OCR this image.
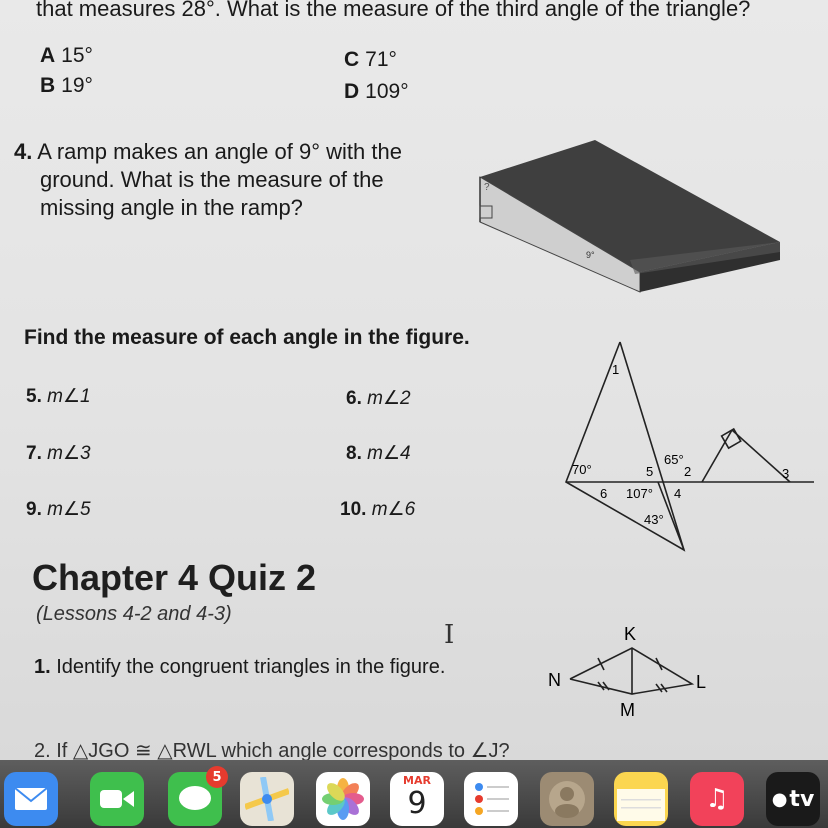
that measures 28°. What is the measure of the third angle of the triangle?
A 15°
B 19°
C 71°
D 109°
4. A ramp makes an angle of 9° with the
ground. What is the measure of the
missing angle in the ramp?
?
9°
Find the measure of each angle in the figure.
5. m∠1	6. m∠2
7. m∠3	8. m∠4
9. m∠5	10. m∠6
1
2	3
4
5
6
70°
65°
107°
43°
Chapter 4 Quiz 2
(Lessons 4-2 and 4-3)
I
1. Identify the congruent triangles in the figure.
K
L
M
N
2. If △JGO ≅ △RWL which angle corresponds to ∠J?
5	MAR
9	♫ ● tv
